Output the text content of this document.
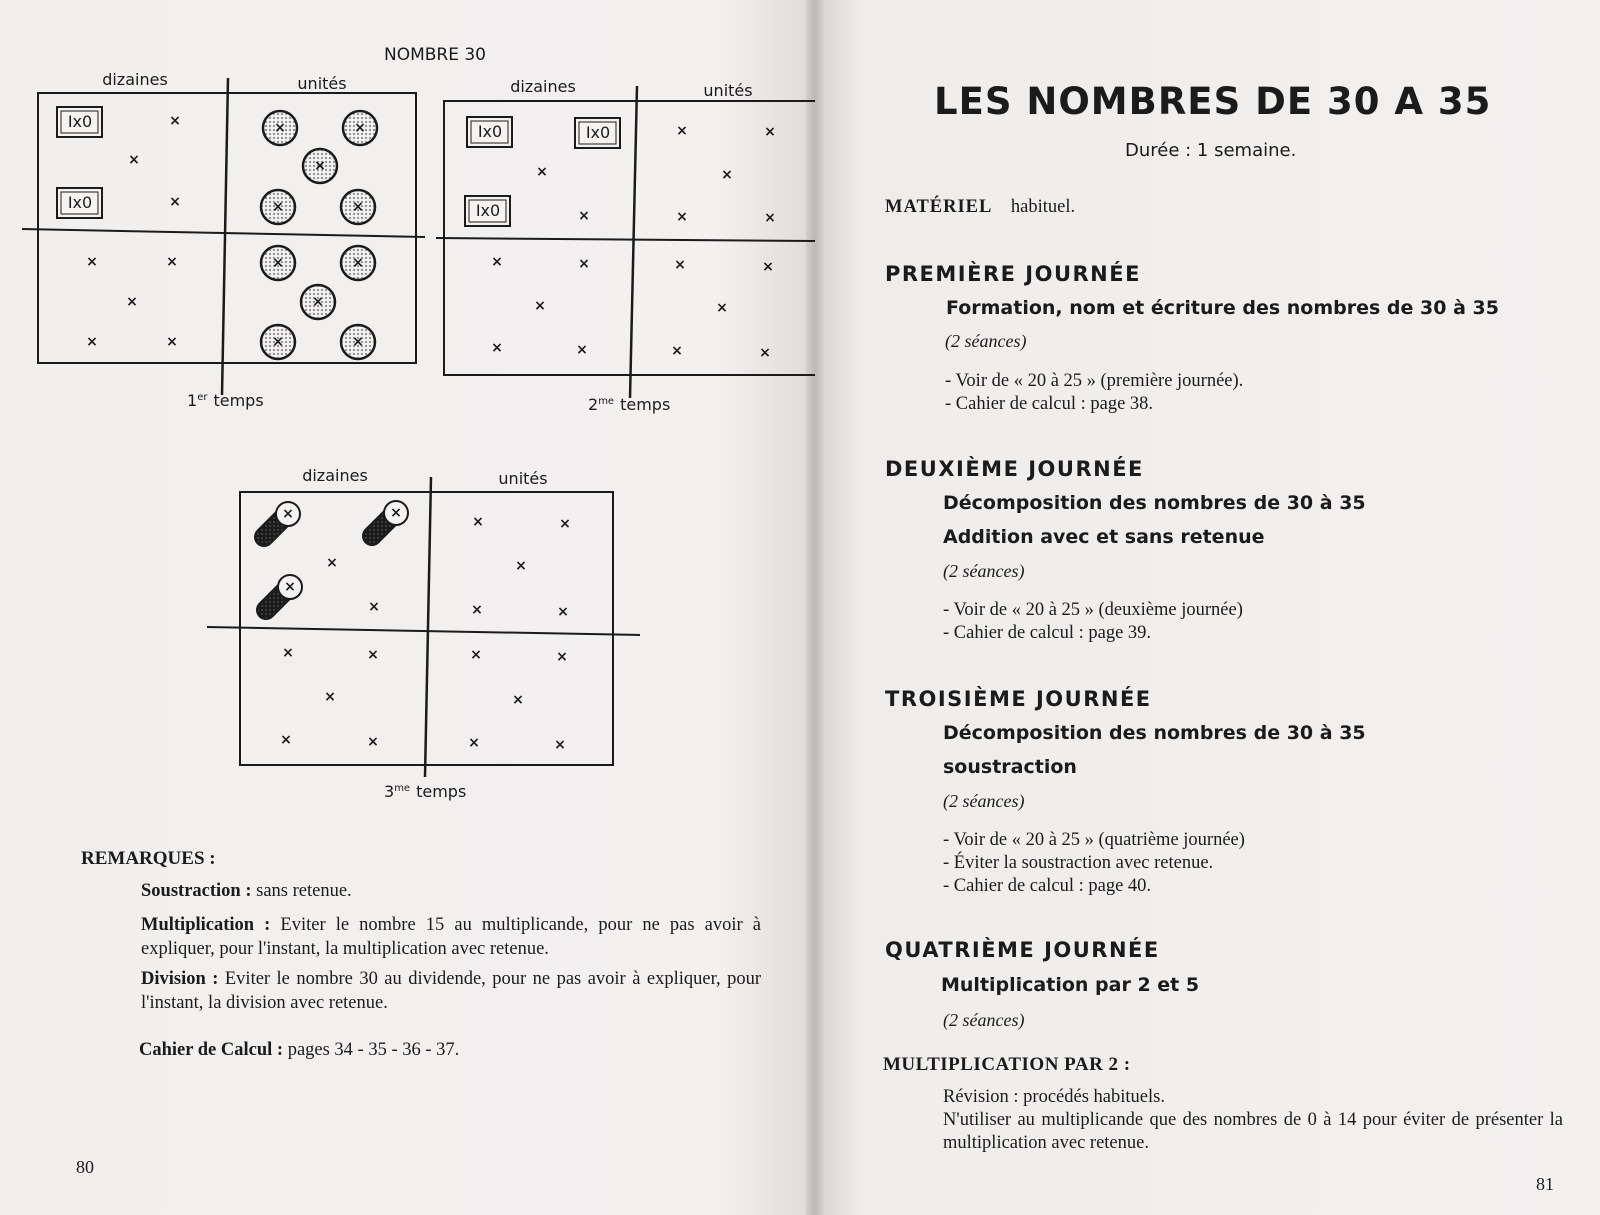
NOMBRE 30
dizaines	unités
Ix0
Ix0
×
×
×
×	×
×
×	×
×	×
×
×	×
×	×
×
×	×
1er temps
dizaines	unités
Ix0	Ix0
Ix0
×
×
×	×
×
×	×
×	×
×
×	×
×	×
×
×	×
$2^{me}$ temps
dizaines	unités
×	×
×
×
×
×	×
×
×	×
×	×
×
×	×
×	×
×
×	×
$3^{me}$ temps
REMARQUES :
Soustraction : sans retenue.
Multiplication : Eviter le nombre 15 au multiplicande, pour ne pas avoir à expliquer, pour l'instant, la multiplication avec retenue.
Division : Eviter le nombre 30 au dividende, pour ne pas avoir à expliquer, pour l'instant, la division avec retenue.
Cahier de Calcul : pages 34 - 35 - 36 - 37.
80
LES NOMBRES DE 30 A 35
Durée : 1 semaine.
MATÉRIEL habituel.
PREMIÈRE JOURNÉE
Formation, nom et écriture des nombres de 30 à 35
(2 séances)
- Voir de « 20 à 25 » (première journée).
- Cahier de calcul : page 38.
DEUXIÈME JOURNÉE
Décomposition des nombres de 30 à 35
Addition avec et sans retenue
(2 séances)
- Voir de « 20 à 25 » (deuxième journée)
- Cahier de calcul : page 39.
TROISIÈME JOURNÉE
Décomposition des nombres de 30 à 35
soustraction
(2 séances)
- Voir de « 20 à 25 » (quatrième journée)
- Éviter la soustraction avec retenue.
- Cahier de calcul : page 40.
QUATRIÈME JOURNÉE
Multiplication par 2 et 5
(2 séances)
MULTIPLICATION PAR 2 :
Révision : procédés habituels.
N'utiliser au multiplicande que des nombres de 0 à 14 pour éviter de présenter la multiplication avec retenue.
81
